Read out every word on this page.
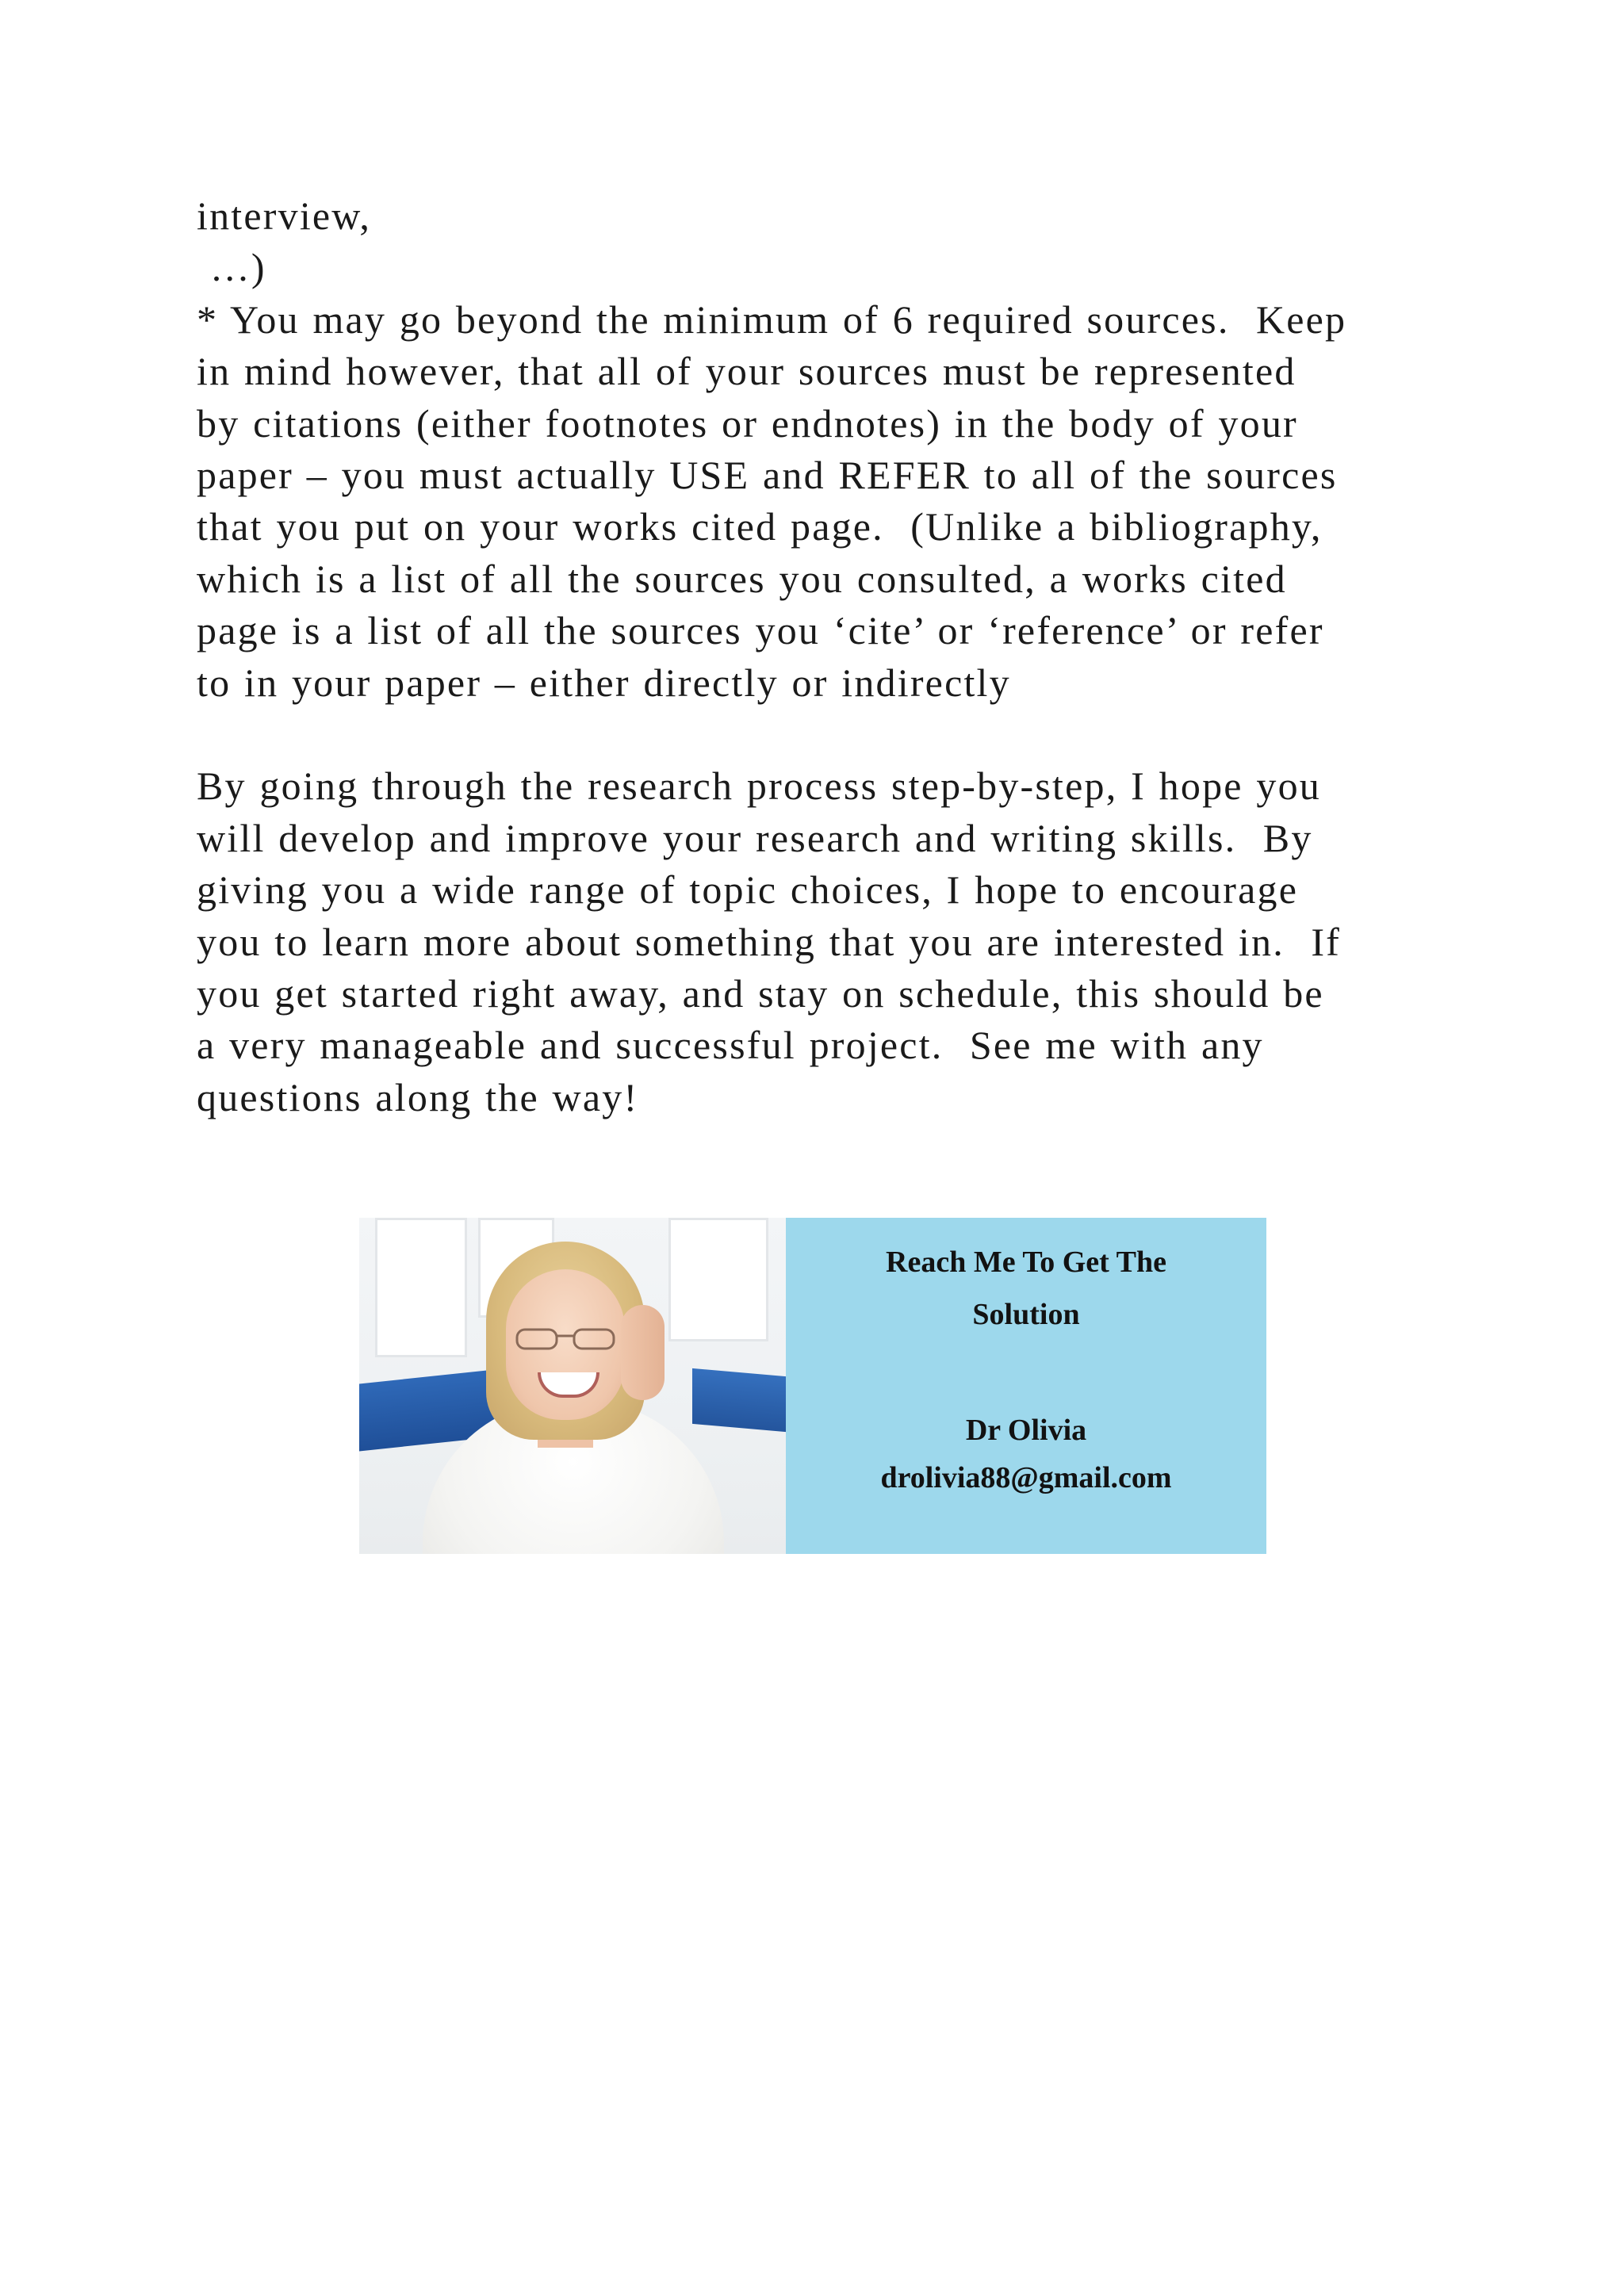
interview,
…)
* You may go beyond the minimum of 6 required sources.  Keep
in mind however, that all of your sources must be represented
by citations (either footnotes or endnotes) in the body of your
paper – you must actually USE and REFER to all of the sources
that you put on your works cited page.  (Unlike a bibliography,
which is a list of all the sources you consulted, a works cited
page is a list of all the sources you ‘cite’ or ‘reference’ or refer
to in your paper – either directly or indirectly
By going through the research process step-by-step, I hope you
will develop and improve your research and writing skills.  By
giving you a wide range of topic choices, I hope to encourage
you to learn more about something that you are interested in.  If
you get started right away, and stay on schedule, this should be
a very manageable and successful project.  See me with any
questions along the way!
Reach Me To Get The
Solution
Dr Olivia
drolivia88@gmail.com
